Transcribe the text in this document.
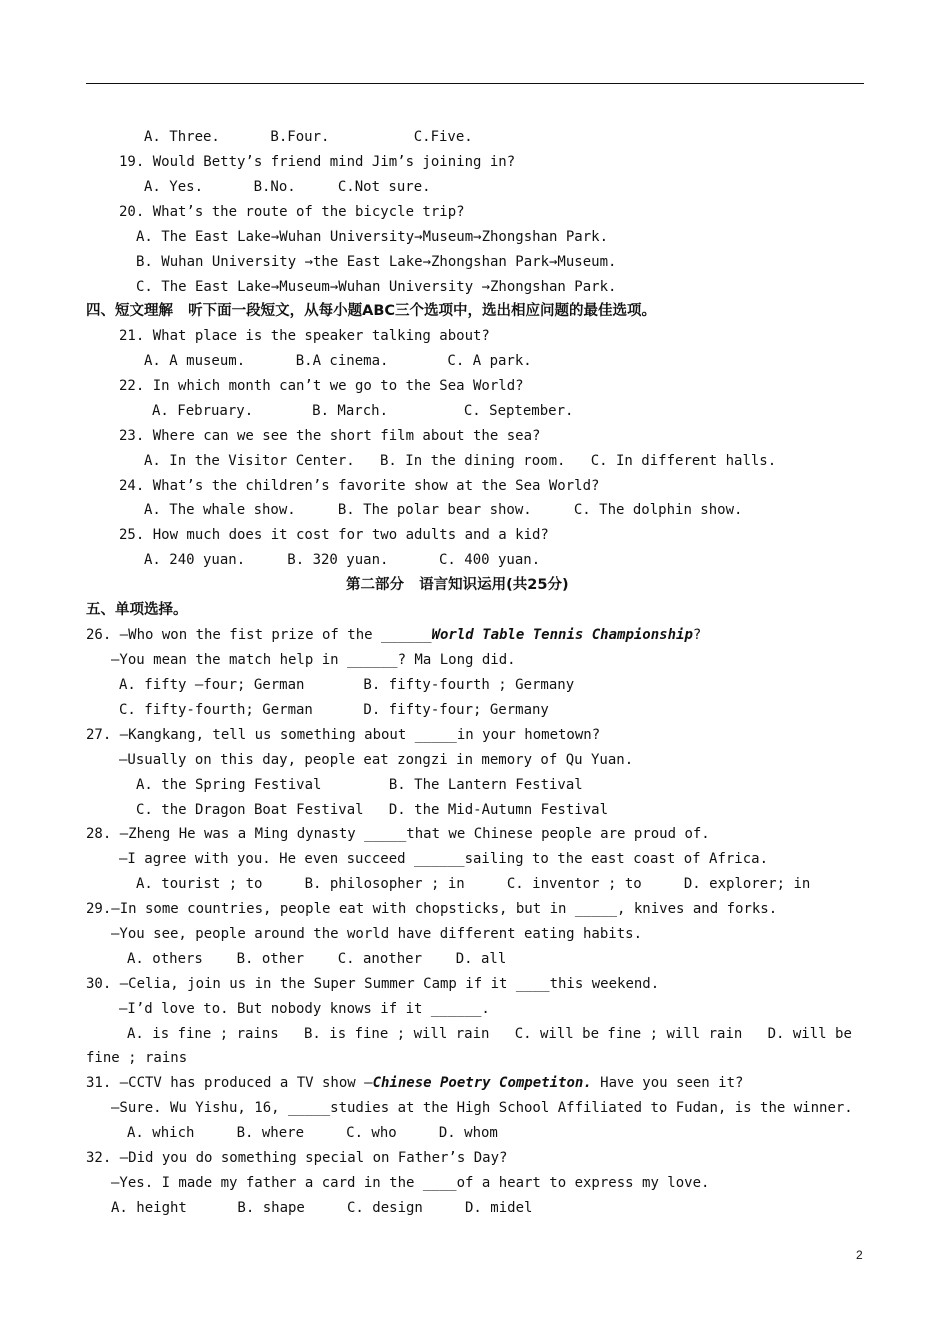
A. Three.      B.Four.          C.Five.
19. Would Betty’s friend mind Jim’s joining in?
A. Yes.      B.No.     C.Not sure.
20. What’s the route of the bicycle trip?
A. The East Lake→Wuhan University→Museum→Zhongshan Park.
B. Wuhan University →the East Lake→Zhongshan Park→Museum.
C. The East Lake→Museum→Wuhan University →Zhongshan Park.
四、短文理解   听下面一段短文，从每小题ABC三个选项中，选出相应问题的最佳选项。
21. What place is the speaker talking about?
A. A museum.      B.A cinema.       C. A park.
22. In which month can’t we go to the Sea World?
A. February.       B. March.         C. September.
23. Where can we see the short film about the sea?
A. In the Visitor Center.   B. In the dining room.   C. In different halls.
24. What’s the children’s favorite show at the Sea World?
A. The whale show.     B. The polar bear show.     C. The dolphin show.
25. How much does it cost for two adults and a kid?
A. 240 yuan.     B. 320 yuan.      C. 400 yuan.
第二部分   语言知识运用(共25分)
五、单项选择。
26. —Who won the fist prize of the ______World Table Tennis Championship?
—You mean the match help in ______? Ma Long did.
A. fifty –four; German       B. fifty-fourth ; Germany
C. fifty-fourth; German      D. fifty-four; Germany
27. —Kangkang, tell us something about _____in your hometown?
—Usually on this day, people eat zongzi in memory of Qu Yuan.
A. the Spring Festival        B. The Lantern Festival
C. the Dragon Boat Festival   D. the Mid-Autumn Festival
28. —Zheng He was a Ming dynasty _____that we Chinese people are proud of.
—I agree with you. He even succeed ______sailing to the east coast of Africa.
A. tourist ; to     B. philosopher ; in     C. inventor ; to     D. explorer; in
29.—In some countries, people eat with chopsticks, but in _____, knives and forks.
—You see, people around the world have different eating habits.
A. others    B. other    C. another    D. all
30. —Celia, join us in the Super Summer Camp if it ____this weekend.
—I’d love to. But nobody knows if it ______.
A. is fine ; rains   B. is fine ; will rain   C. will be fine ; will rain   D. will be
fine ; rains
31. —CCTV has produced a TV show —Chinese Poetry Competiton. Have you seen it?
—Sure. Wu Yishu, 16, _____studies at the High School Affiliated to Fudan, is the winner.
A. which     B. where     C. who     D. whom
32. —Did you do something special on Father’s Day?
—Yes. I made my father a card in the ____of a heart to express my love.
A. height      B. shape     C. design     D. midel
2
